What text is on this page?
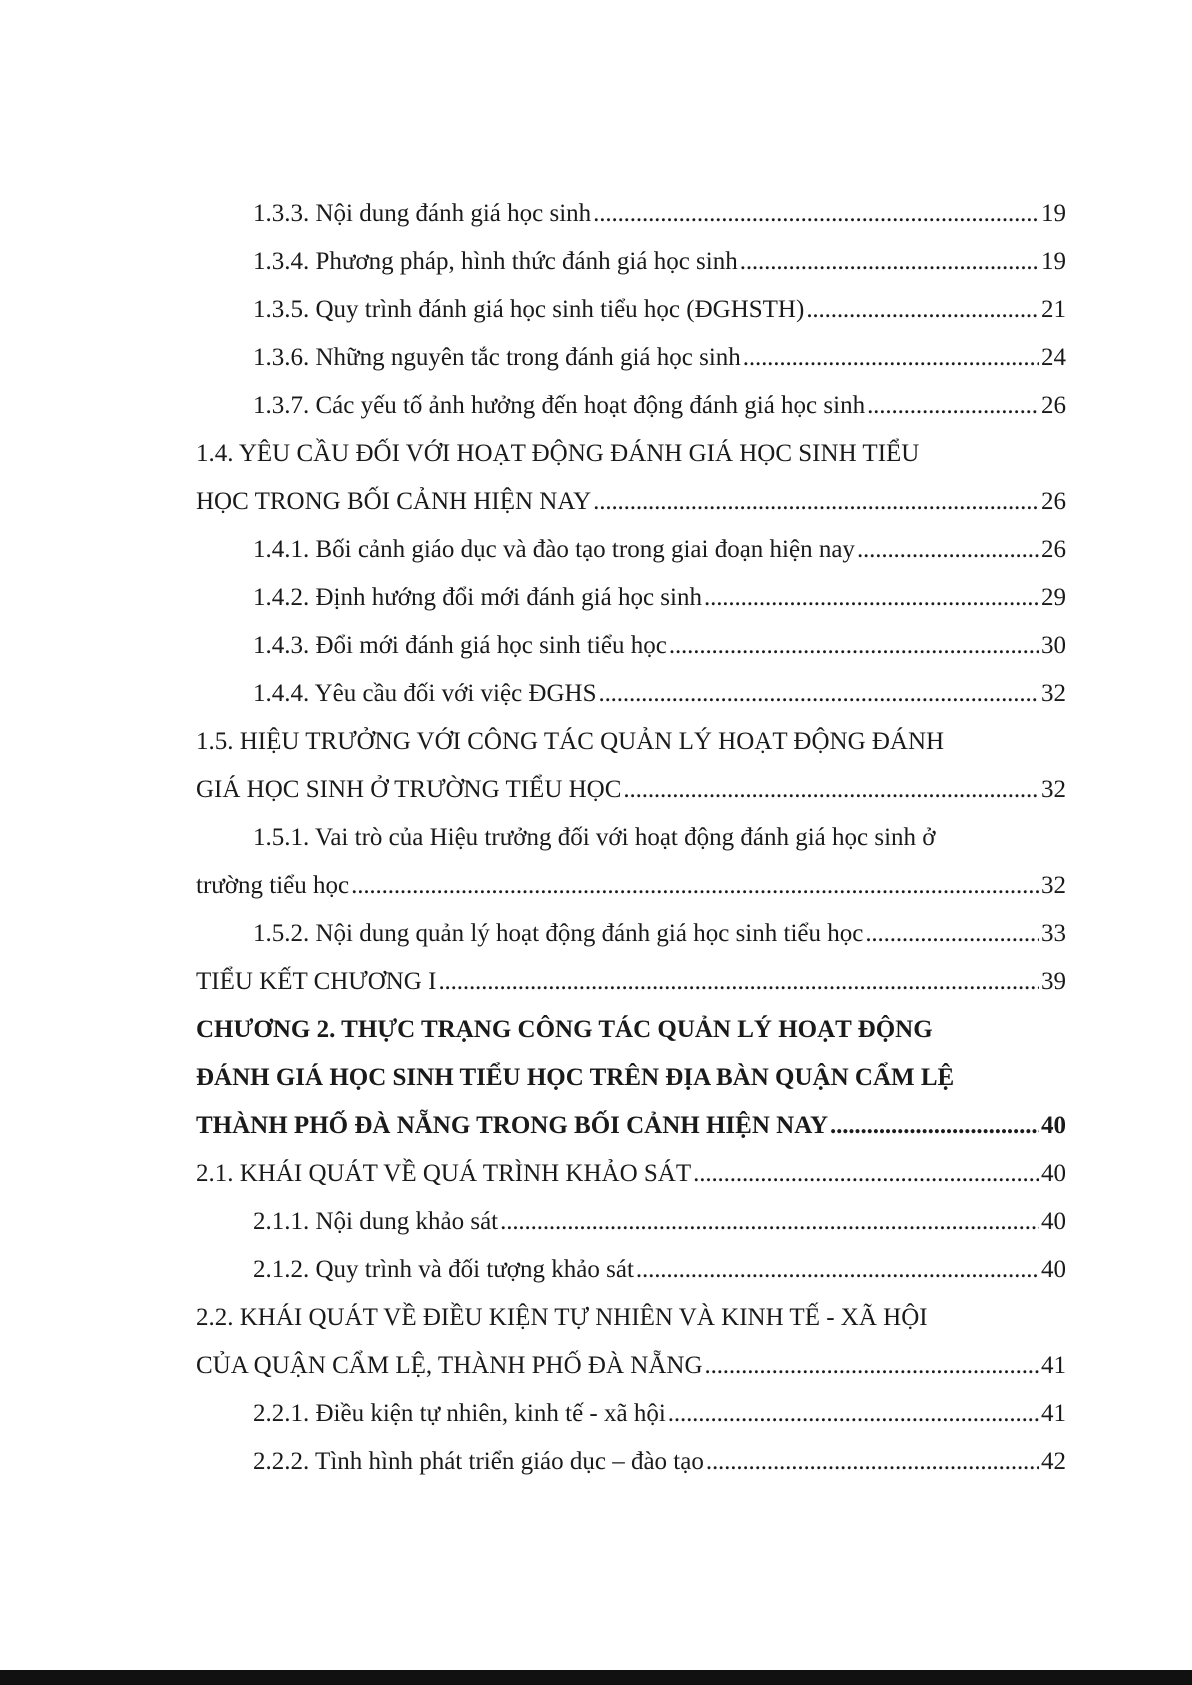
1.3.3. Nội dung đánh giá học sinh . . .	19
1.3.4. Phương pháp, hình thức đánh giá học sinh . . .	19
1.3.5. Quy trình đánh giá học sinh tiểu học (ĐGHSTH) . . .	21
1.3.6. Những nguyên tắc trong đánh giá học sinh . . .	24
1.3.7. Các yếu tố ảnh hưởng đến hoạt động đánh giá học sinh . . .	26
1.4. YÊU CẦU ĐỐI VỚI HOẠT ĐỘNG ĐÁNH GIÁ HỌC SINH TIỂU
HỌC TRONG BỐI CẢNH HIỆN NAY . . .	26
1.4.1. Bối cảnh giáo dục và đào tạo trong giai đoạn hiện nay . . .	26
1.4.2. Định hướng đổi mới đánh giá học sinh . . .	29
1.4.3. Đổi mới đánh giá học sinh tiểu học . . .	30
1.4.4. Yêu cầu đối với việc ĐGHS . . .	32
1.5. HIỆU TRƯỞNG VỚI CÔNG TÁC QUẢN LÝ HOẠT ĐỘNG ĐÁNH
GIÁ HỌC SINH Ở TRƯỜNG TIỂU HỌC . . .	32
1.5.1. Vai trò của Hiệu trưởng đối với hoạt động đánh giá học sinh ở
trường tiểu học . . .	32
1.5.2. Nội dung quản lý hoạt động đánh giá học sinh tiểu học . . .	33
TIỂU KẾT CHƯƠNG I . . .	39
CHƯƠNG 2. THỰC TRẠNG CÔNG TÁC QUẢN LÝ HOẠT ĐỘNG
ĐÁNH GIÁ HỌC SINH TIỂU HỌC TRÊN ĐỊA BÀN QUẬN CẨM LỆ
THÀNH PHỐ ĐÀ NẴNG TRONG BỐI CẢNH HIỆN NAY . . .	40
2.1. KHÁI QUÁT VỀ QUÁ TRÌNH KHẢO SÁT . . .	40
2.1.1. Nội dung khảo sát . . .	40
2.1.2. Quy trình và đối tượng khảo sát . . .	40
2.2. KHÁI QUÁT VỀ ĐIỀU KIỆN TỰ NHIÊN VÀ KINH TẾ - XÃ HỘI
CỦA QUẬN CẨM LỆ, THÀNH PHỐ ĐÀ NẴNG . . .	41
2.2.1. Điều kiện tự nhiên, kinh tế - xã hội . . .	41
2.2.2. Tình hình phát triển giáo dục – đào tạo . . .	42
